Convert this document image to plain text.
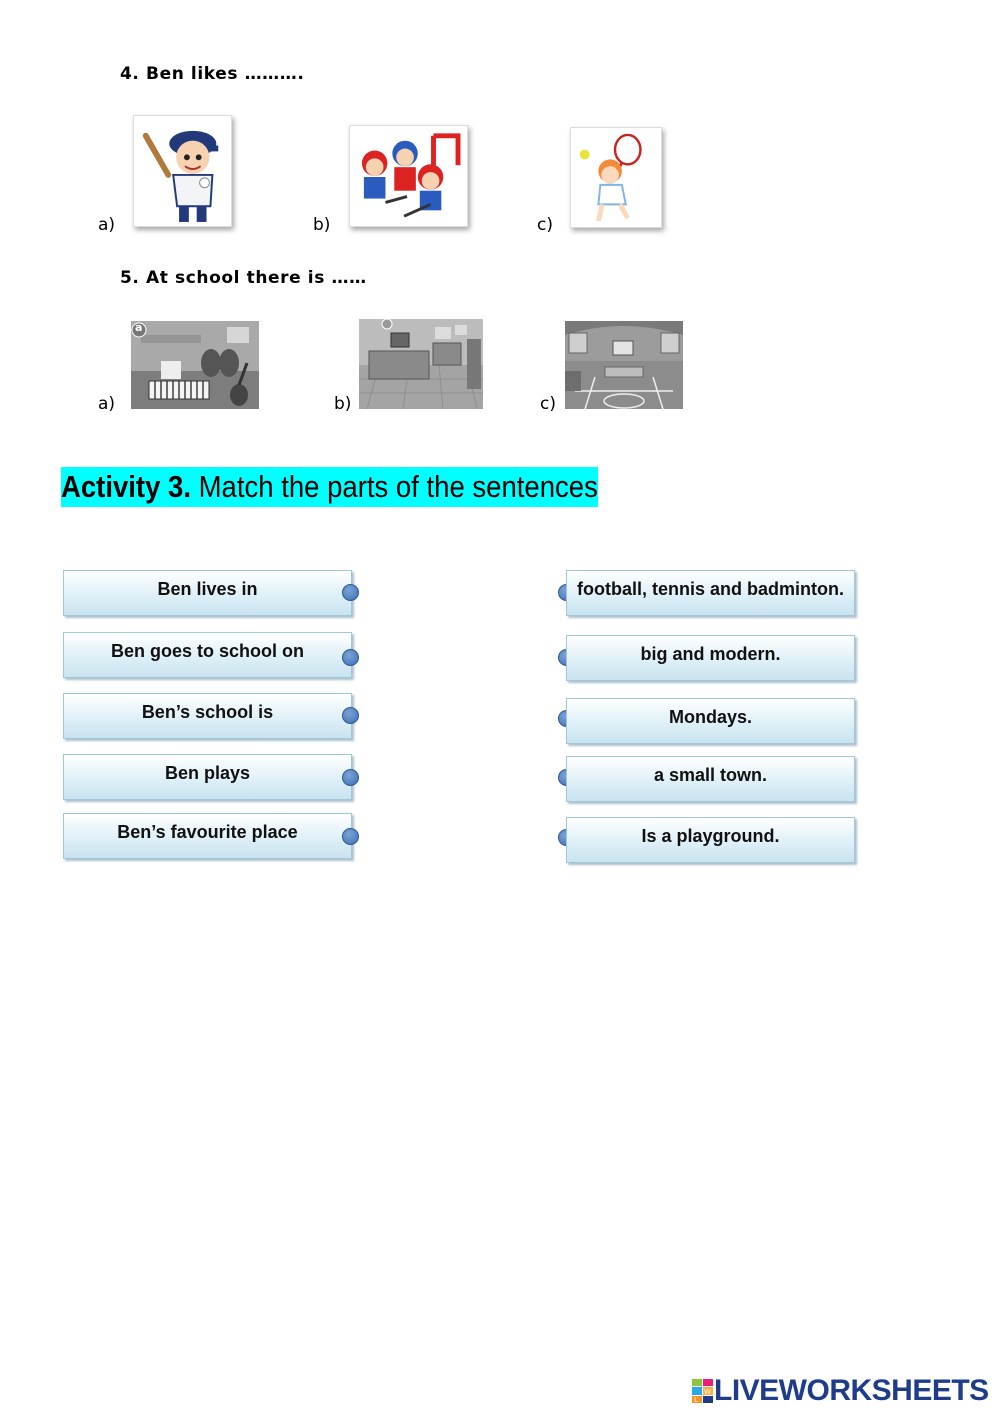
4. Ben likes ……….
a)	b)	c)
5. At school there is ……
a
a)	b)	c)
Activity 3. Match the parts of the sentences
Ben lives in
Ben goes to school on
Ben’s school is
Ben plays
Ben’s favourite place
football, tennis and badminton.
big and modern.
Mondays.
a small town.
Is a playground.
L
W LIVEWORKSHEETS
